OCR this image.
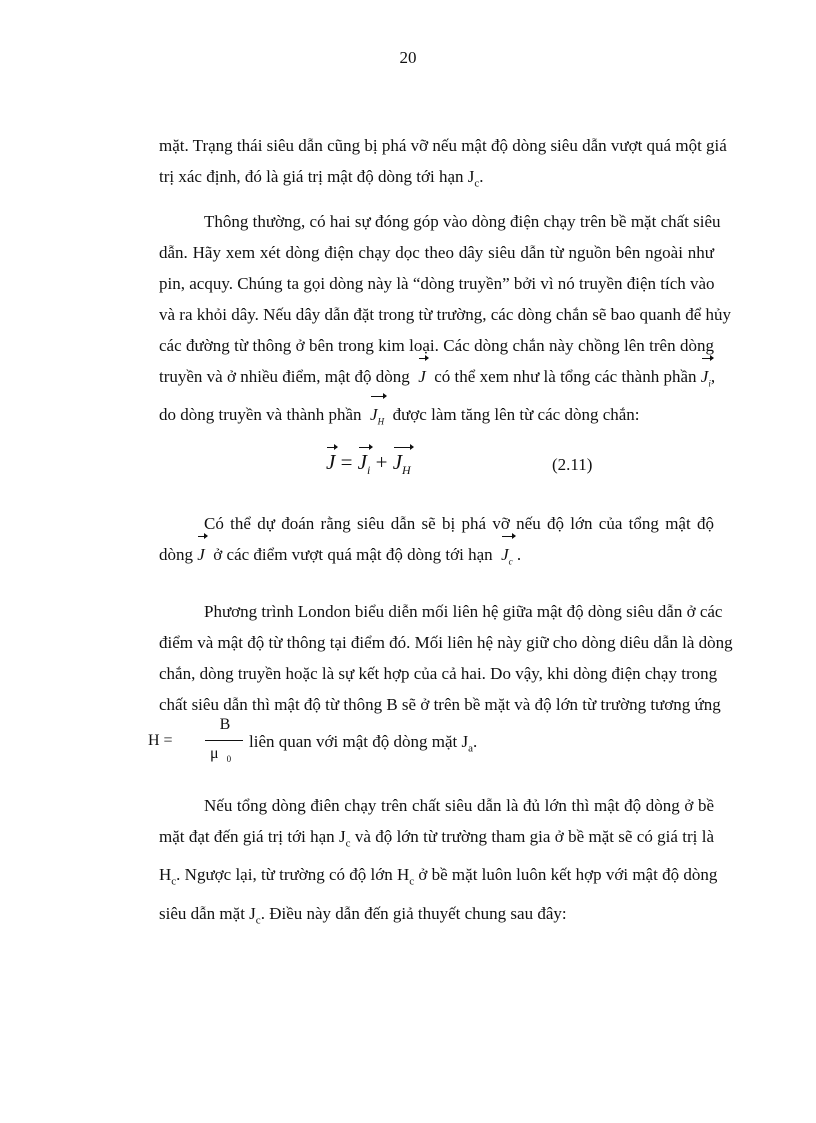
20
mặt. Trạng thái siêu dẫn cũng bị phá vỡ nếu mật độ dòng siêu dẫn vượt quá một giá
trị xác định, đó là giá trị mật độ dòng tới hạn $J_c$.
Thông thường, có hai sự đóng góp vào dòng điện chạy trên bề mặt chất siêu
dẫn. Hãy xem xét dòng điện chạy dọc theo dây siêu dẫn từ nguồn bên ngoài như
pin, acquy. Chúng ta gọi dòng này là “dòng truyền” bởi vì nó truyền điện tích vào
và ra khỏi dây. Nếu dây dẫn đặt trong từ trường, các dòng chắn sẽ bao quanh để hủy
các đường từ thông ở bên trong kim loại. Các dòng chắn này chồng lên trên dòng
truyền và ở nhiều điểm, mật độ dòng J có thể xem như là tổng các thành phần $J_i$,
do dòng truyền và thành phần $J_H$ được làm tăng lên từ các dòng chắn:
$J = J_i + J_H$	(2.11)
Có thể dự đoán rằng siêu dẫn sẽ bị phá vỡ nếu độ lớn của tổng mật độ
dòng J ở các điểm vượt quá mật độ dòng tới hạn $J_c$ .
Phương trình London biểu diễn mối liên hệ giữa mật độ dòng siêu dẫn ở các
điểm và mật độ từ thông tại điểm đó. Mối liên hệ này giữ cho dòng diêu dẫn là dòng
chắn, dòng truyền hoặc là sự kết hợp của cả hai. Do vậy, khi dòng điện chạy trong
chất siêu dẫn thì mật độ từ thông B sẽ ở trên bề mặt và độ lớn từ trường tương ứng
H =
B
μ $_0$
liên quan với mật độ dòng mặt $J_a$.
Nếu tổng dòng điên chạy trên chất siêu dẫn là đủ lớn thì mật độ dòng ở bề
mặt đạt đến giá trị tới hạn $J_c$ và độ lớn từ trường tham gia ở bề mặt sẽ có giá trị là
$H_c$. Ngược lại, từ trường có độ lớn $H_c$ ở bề mặt luôn luôn kết hợp với mật độ dòng
siêu dẫn mặt $J_c$. Điều này dẫn đến giả thuyết chung sau đây:
